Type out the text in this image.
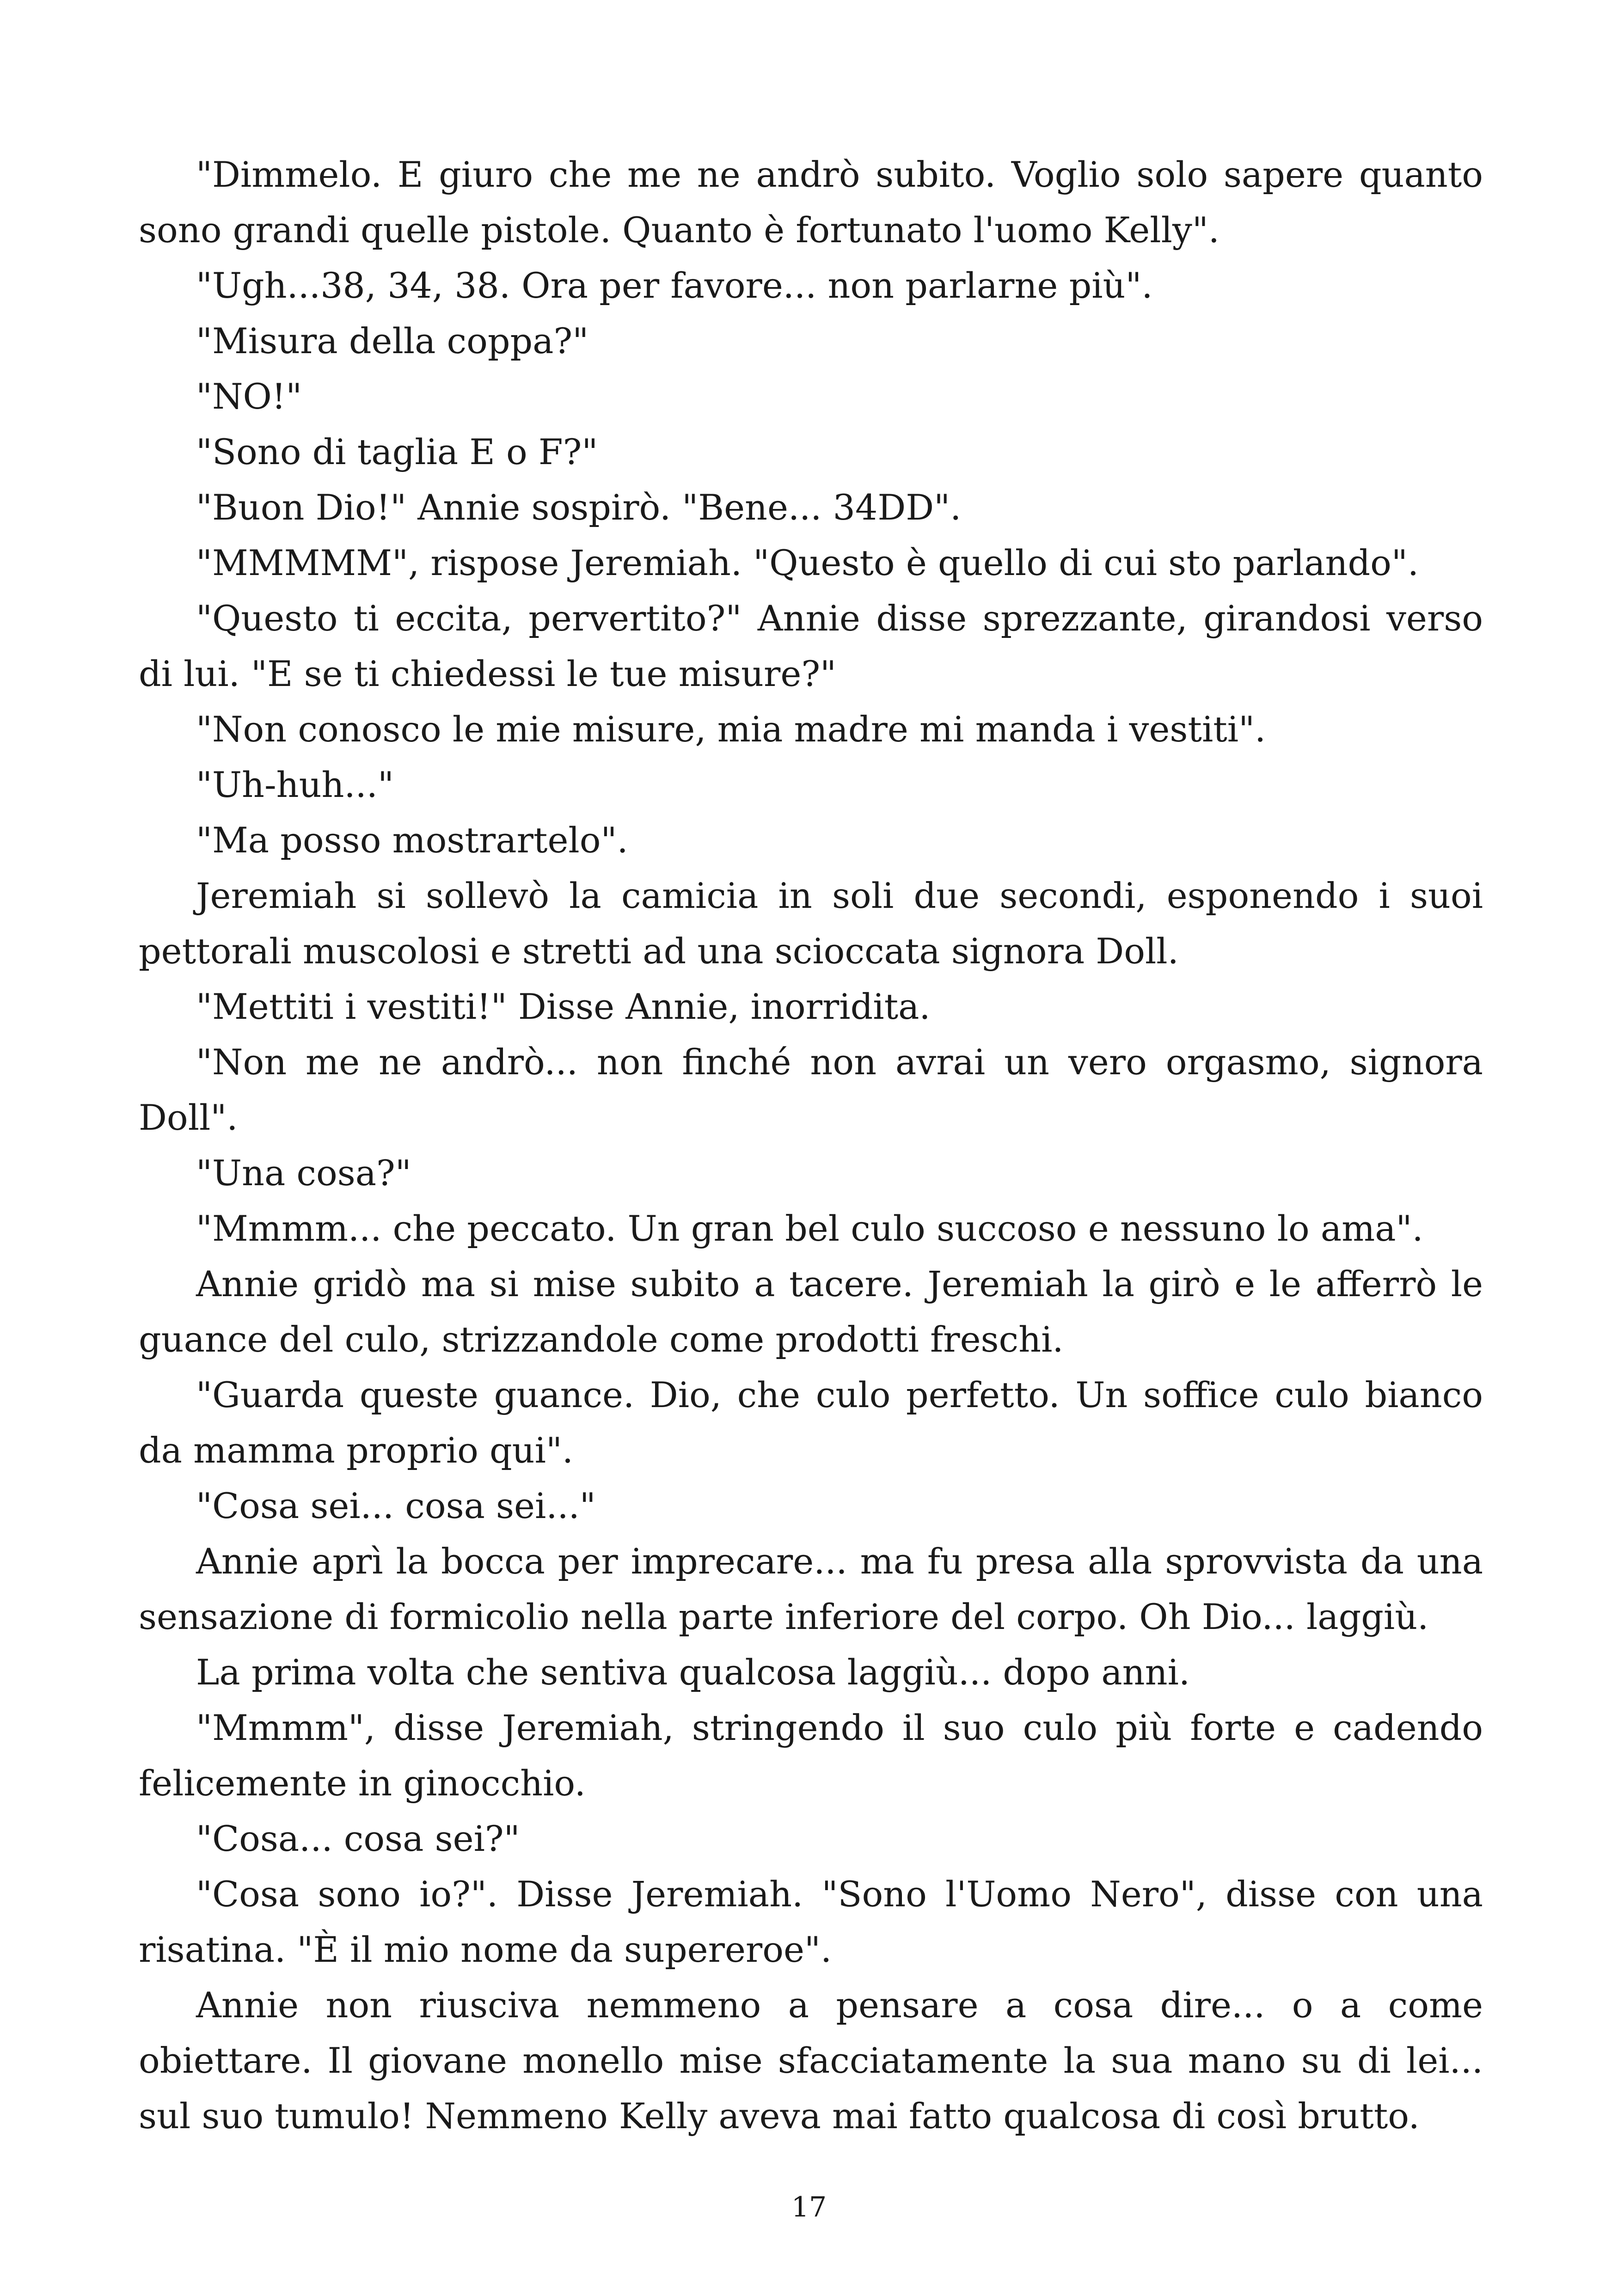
"Dimmelo. E giuro che me ne andrò subito. Voglio solo sapere quanto sono grandi quelle pistole. Quanto è fortunato l'uomo Kelly".

"Ugh...38, 34, 38. Ora per favore... non parlarne più".

"Misura della coppa?"

"NO!"

"Sono di taglia E o F?"

"Buon Dio!" Annie sospirò. "Bene... 34DD".

"MMMMM", rispose Jeremiah. "Questo è quello di cui sto parlando".

"Questo ti eccita, pervertito?" Annie disse sprezzante, girandosi verso di lui. "E se ti chiedessi le tue misure?"

"Non conosco le mie misure, mia madre mi manda i vestiti".

"Uh-huh..."

"Ma posso mostrartelo".

Jeremiah si sollevò la camicia in soli due secondi, esponendo i suoi pettorali muscolosi e stretti ad una scioccata signora Doll.

"Mettiti i vestiti!" Disse Annie, inorridita.

"Non me ne andrò... non finché non avrai un vero orgasmo, signora Doll".

"Una cosa?"

"Mmmm... che peccato. Un gran bel culo succoso e nessuno lo ama".

Annie gridò ma si mise subito a tacere. Jeremiah la girò e le afferrò le guance del culo, strizzandole come prodotti freschi.

"Guarda queste guance. Dio, che culo perfetto. Un soffice culo bianco da mamma proprio qui".

"Cosa sei... cosa sei..."

Annie aprì la bocca per imprecare... ma fu presa alla sprovvista da una sensazione di formicolio nella parte inferiore del corpo. Oh Dio... laggiù.

La prima volta che sentiva qualcosa laggiù... dopo anni.

"Mmmm", disse Jeremiah, stringendo il suo culo più forte e cadendo felicemente in ginocchio.

"Cosa... cosa sei?"

"Cosa sono io?". Disse Jeremiah. "Sono l'Uomo Nero", disse con una risatina. "È il mio nome da supereroe".

Annie non riusciva nemmeno a pensare a cosa dire... o a come obiettare. Il giovane monello mise sfacciatamente la sua mano su di lei... sul suo tumulo! Nemmeno Kelly aveva mai fatto qualcosa di così brutto.

17
